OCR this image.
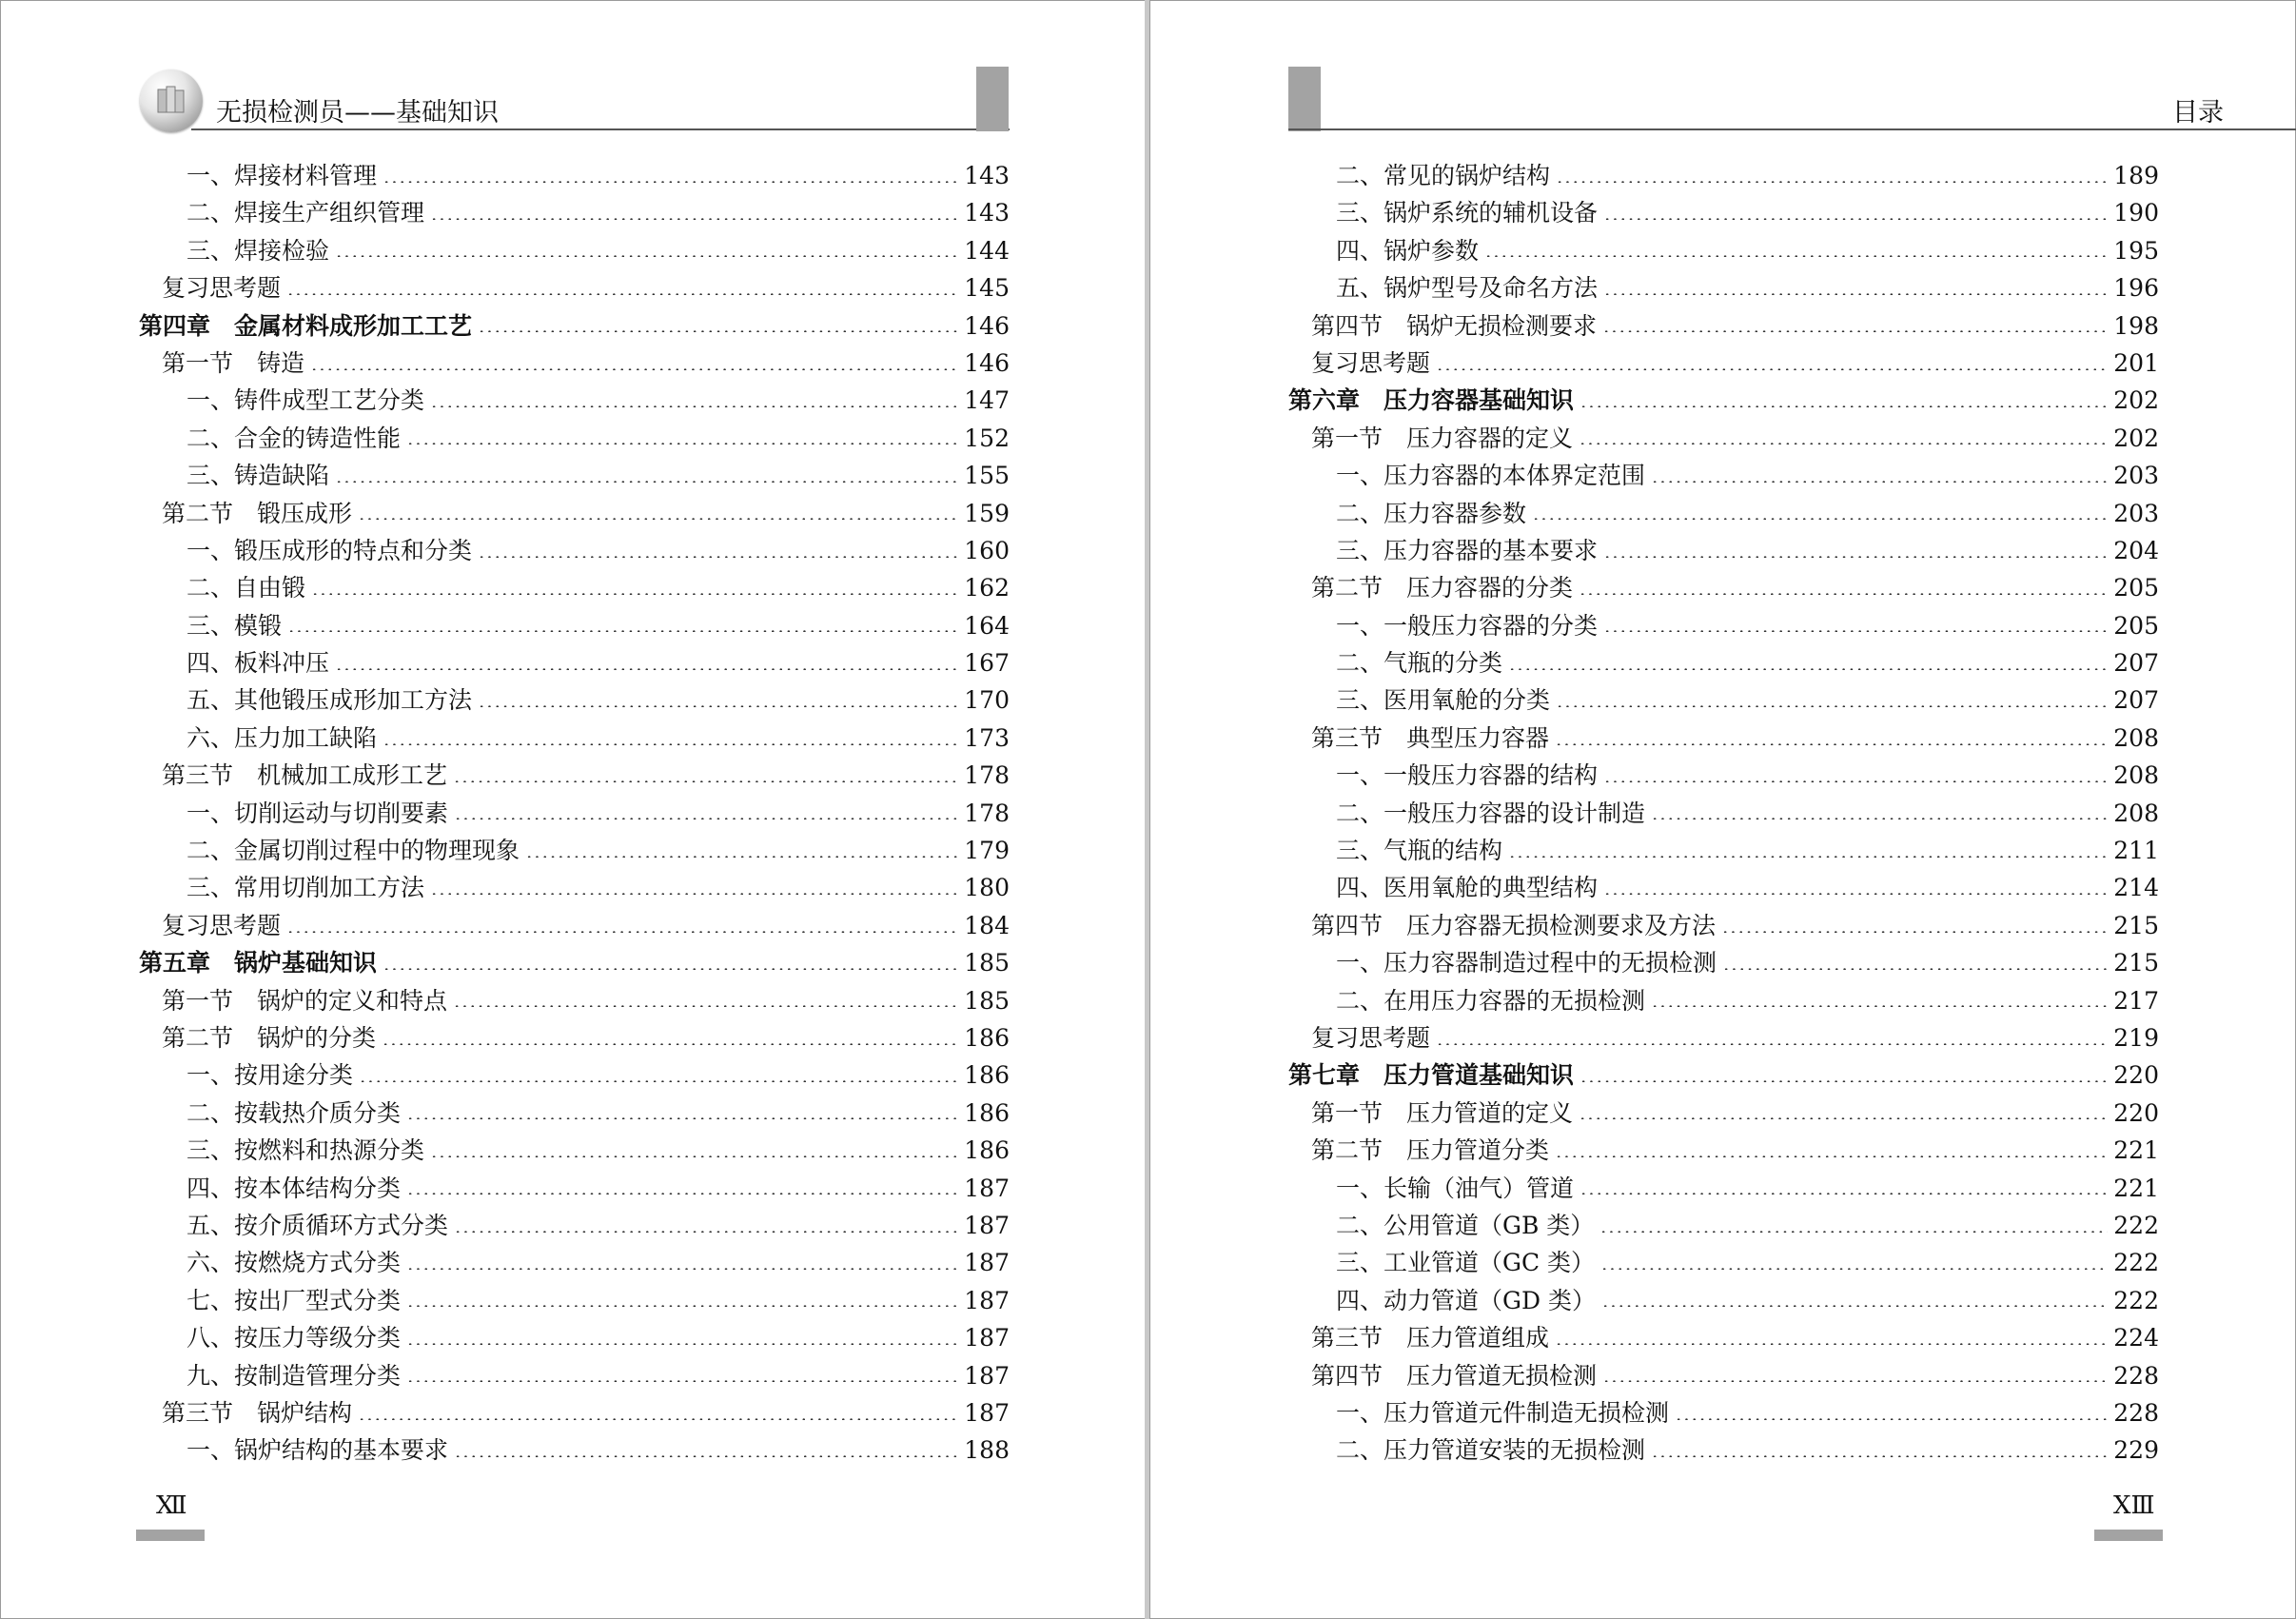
无损检测员——基础知识
一、焊接材料管理	143
二、焊接生产组织管理	143
三、焊接检验	144
复习思考题	145
第四章　金属材料成形加工工艺	146
第一节　铸造	146
一、铸件成型工艺分类	147
二、合金的铸造性能	152
三、铸造缺陷	155
第二节　锻压成形	159
一、锻压成形的特点和分类	160
二、自由锻	162
三、模锻	164
四、板料冲压	167
五、其他锻压成形加工方法	170
六、压力加工缺陷	173
第三节　机械加工成形工艺	178
一、切削运动与切削要素	178
二、金属切削过程中的物理现象	179
三、常用切削加工方法	180
复习思考题	184
第五章　锅炉基础知识	185
第一节　锅炉的定义和特点	185
第二节　锅炉的分类	186
一、按用途分类	186
二、按载热介质分类	186
三、按燃料和热源分类	186
四、按本体结构分类	187
五、按介质循环方式分类	187
六、按燃烧方式分类	187
七、按出厂型式分类	187
八、按压力等级分类	187
九、按制造管理分类	187
第三节　锅炉结构	187
一、锅炉结构的基本要求	188
Ⅻ
目录
二、常见的锅炉结构	189
三、锅炉系统的辅机设备	190
四、锅炉参数	195
五、锅炉型号及命名方法	196
第四节　锅炉无损检测要求	198
复习思考题	201
第六章　压力容器基础知识	202
第一节　压力容器的定义	202
一、压力容器的本体界定范围	203
二、压力容器参数	203
三、压力容器的基本要求	204
第二节　压力容器的分类	205
一、一般压力容器的分类	205
二、气瓶的分类	207
三、医用氧舱的分类	207
第三节　典型压力容器	208
一、一般压力容器的结构	208
二、一般压力容器的设计制造	208
三、气瓶的结构	211
四、医用氧舱的典型结构	214
第四节　压力容器无损检测要求及方法	215
一、压力容器制造过程中的无损检测	215
二、在用压力容器的无损检测	217
复习思考题	219
第七章　压力管道基础知识	220
第一节　压力管道的定义	220
第二节　压力管道分类	221
一、长输（油气）管道	221
二、公用管道（GB 类）	222
三、工业管道（GC 类）	222
四、动力管道（GD 类）	222
第三节　压力管道组成	224
第四节　压力管道无损检测	228
一、压力管道元件制造无损检测	228
二、压力管道安装的无损检测	229
ⅩⅢ
